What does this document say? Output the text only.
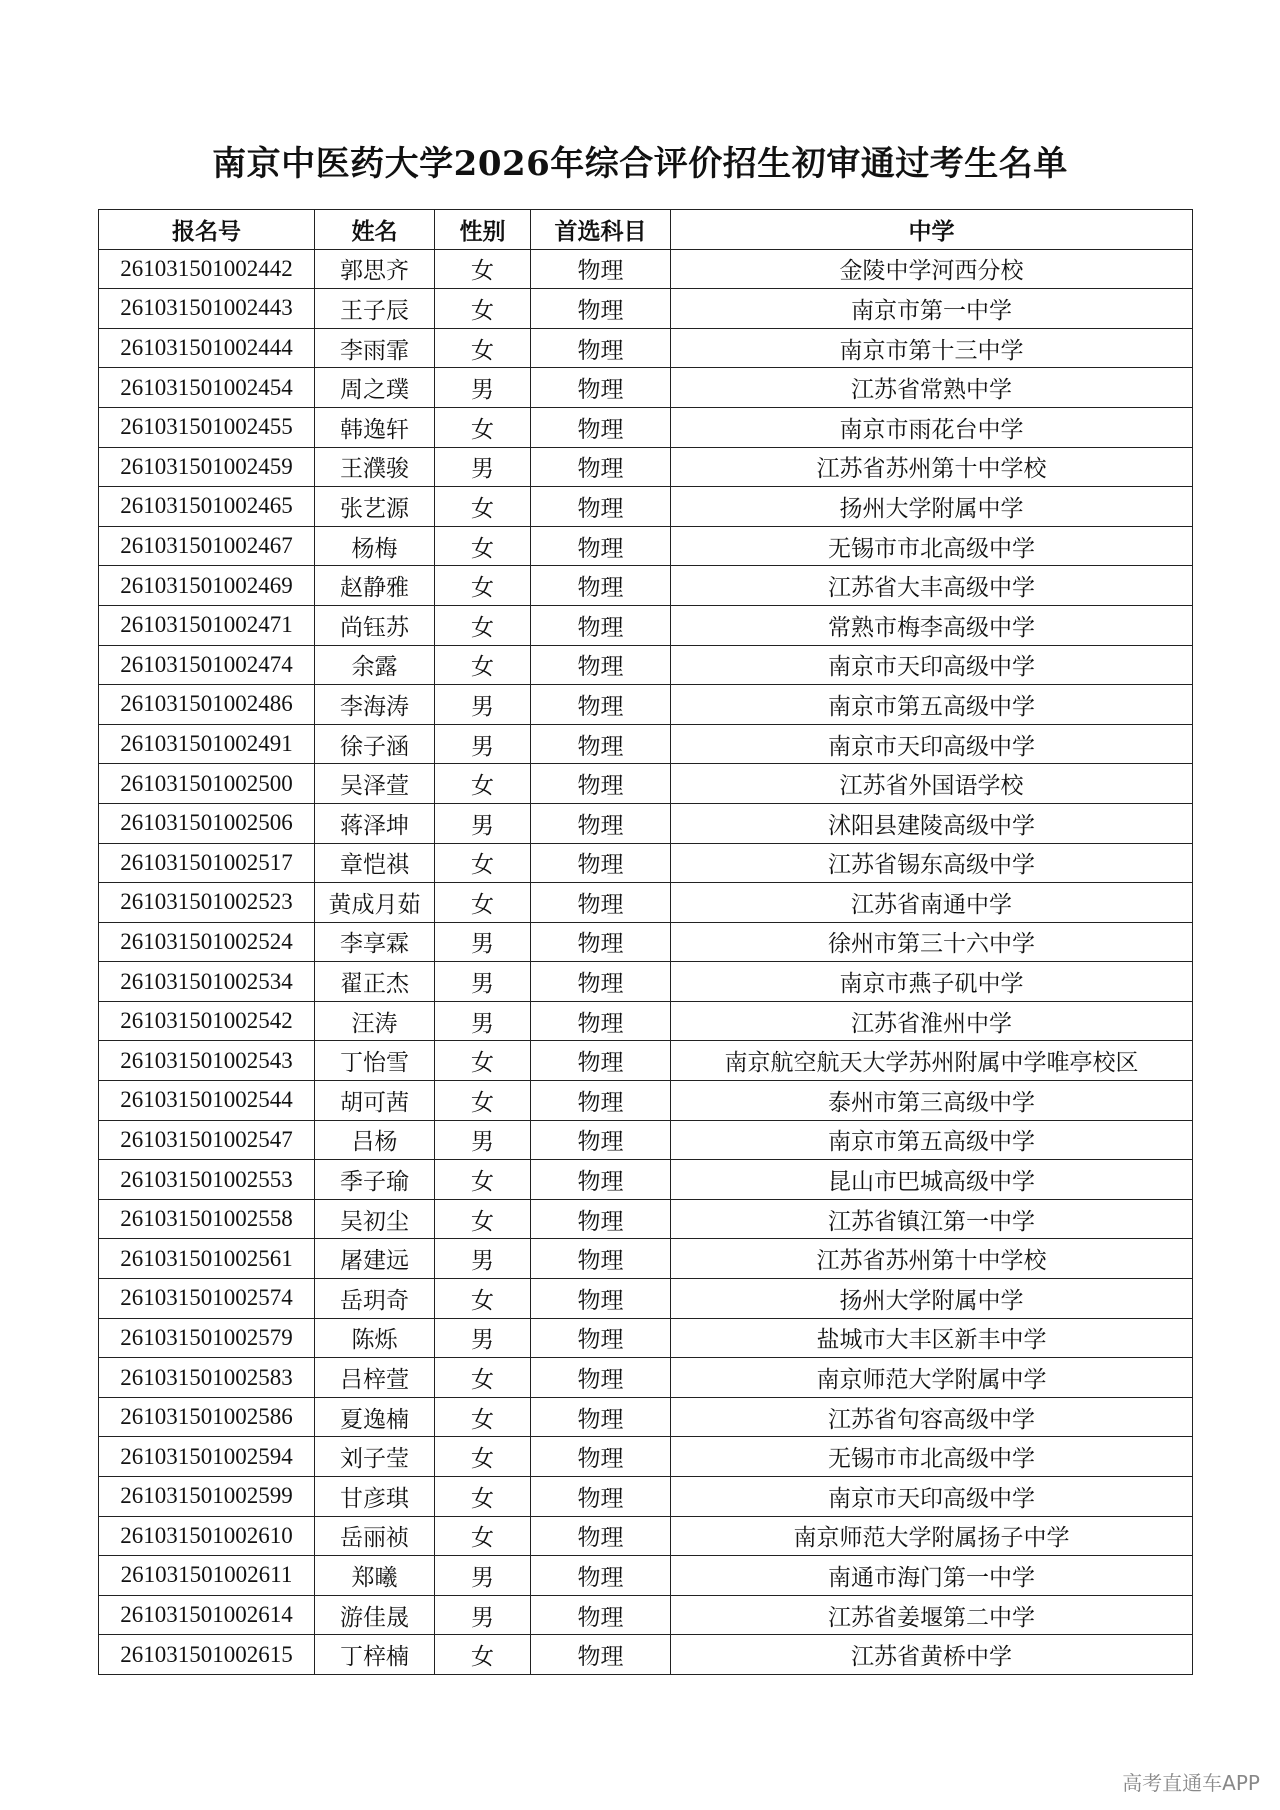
南京中医药大学2026年综合评价招生初审通过考生名单
报名号	姓名	性别	首选科目	中学
261031501002442	郭思齐	女	物理	金陵中学河西分校
261031501002443	王子辰	女	物理	南京市第一中学
261031501002444	李雨霏	女	物理	南京市第十三中学
261031501002454	周之璞	男	物理	江苏省常熟中学
261031501002455	韩逸轩	女	物理	南京市雨花台中学
261031501002459	王濮骏	男	物理	江苏省苏州第十中学校
261031501002465	张艺源	女	物理	扬州大学附属中学
261031501002467	杨梅	女	物理	无锡市市北高级中学
261031501002469	赵静雅	女	物理	江苏省大丰高级中学
261031501002471	尚钰苏	女	物理	常熟市梅李高级中学
261031501002474	余露	女	物理	南京市天印高级中学
261031501002486	李海涛	男	物理	南京市第五高级中学
261031501002491	徐子涵	男	物理	南京市天印高级中学
261031501002500	吴泽萱	女	物理	江苏省外国语学校
261031501002506	蒋泽坤	男	物理	沭阳县建陵高级中学
261031501002517	章恺祺	女	物理	江苏省锡东高级中学
261031501002523	黄成月茹	女	物理	江苏省南通中学
261031501002524	李享霖	男	物理	徐州市第三十六中学
261031501002534	翟正杰	男	物理	南京市燕子矶中学
261031501002542	汪涛	男	物理	江苏省淮州中学
261031501002543	丁怡雪	女	物理	南京航空航天大学苏州附属中学唯亭校区
261031501002544	胡可茜	女	物理	泰州市第三高级中学
261031501002547	吕杨	男	物理	南京市第五高级中学
261031501002553	季子瑜	女	物理	昆山市巴城高级中学
261031501002558	吴初尘	女	物理	江苏省镇江第一中学
261031501002561	屠建远	男	物理	江苏省苏州第十中学校
261031501002574	岳玥奇	女	物理	扬州大学附属中学
261031501002579	陈烁	男	物理	盐城市大丰区新丰中学
261031501002583	吕梓萱	女	物理	南京师范大学附属中学
261031501002586	夏逸楠	女	物理	江苏省句容高级中学
261031501002594	刘子莹	女	物理	无锡市市北高级中学
261031501002599	甘彦琪	女	物理	南京市天印高级中学
261031501002610	岳丽祯	女	物理	南京师范大学附属扬子中学
261031501002611	郑曦	男	物理	南通市海门第一中学
261031501002614	游佳晟	男	物理	江苏省姜堰第二中学
261031501002615	丁梓楠	女	物理	江苏省黄桥中学
高考直通车APP
